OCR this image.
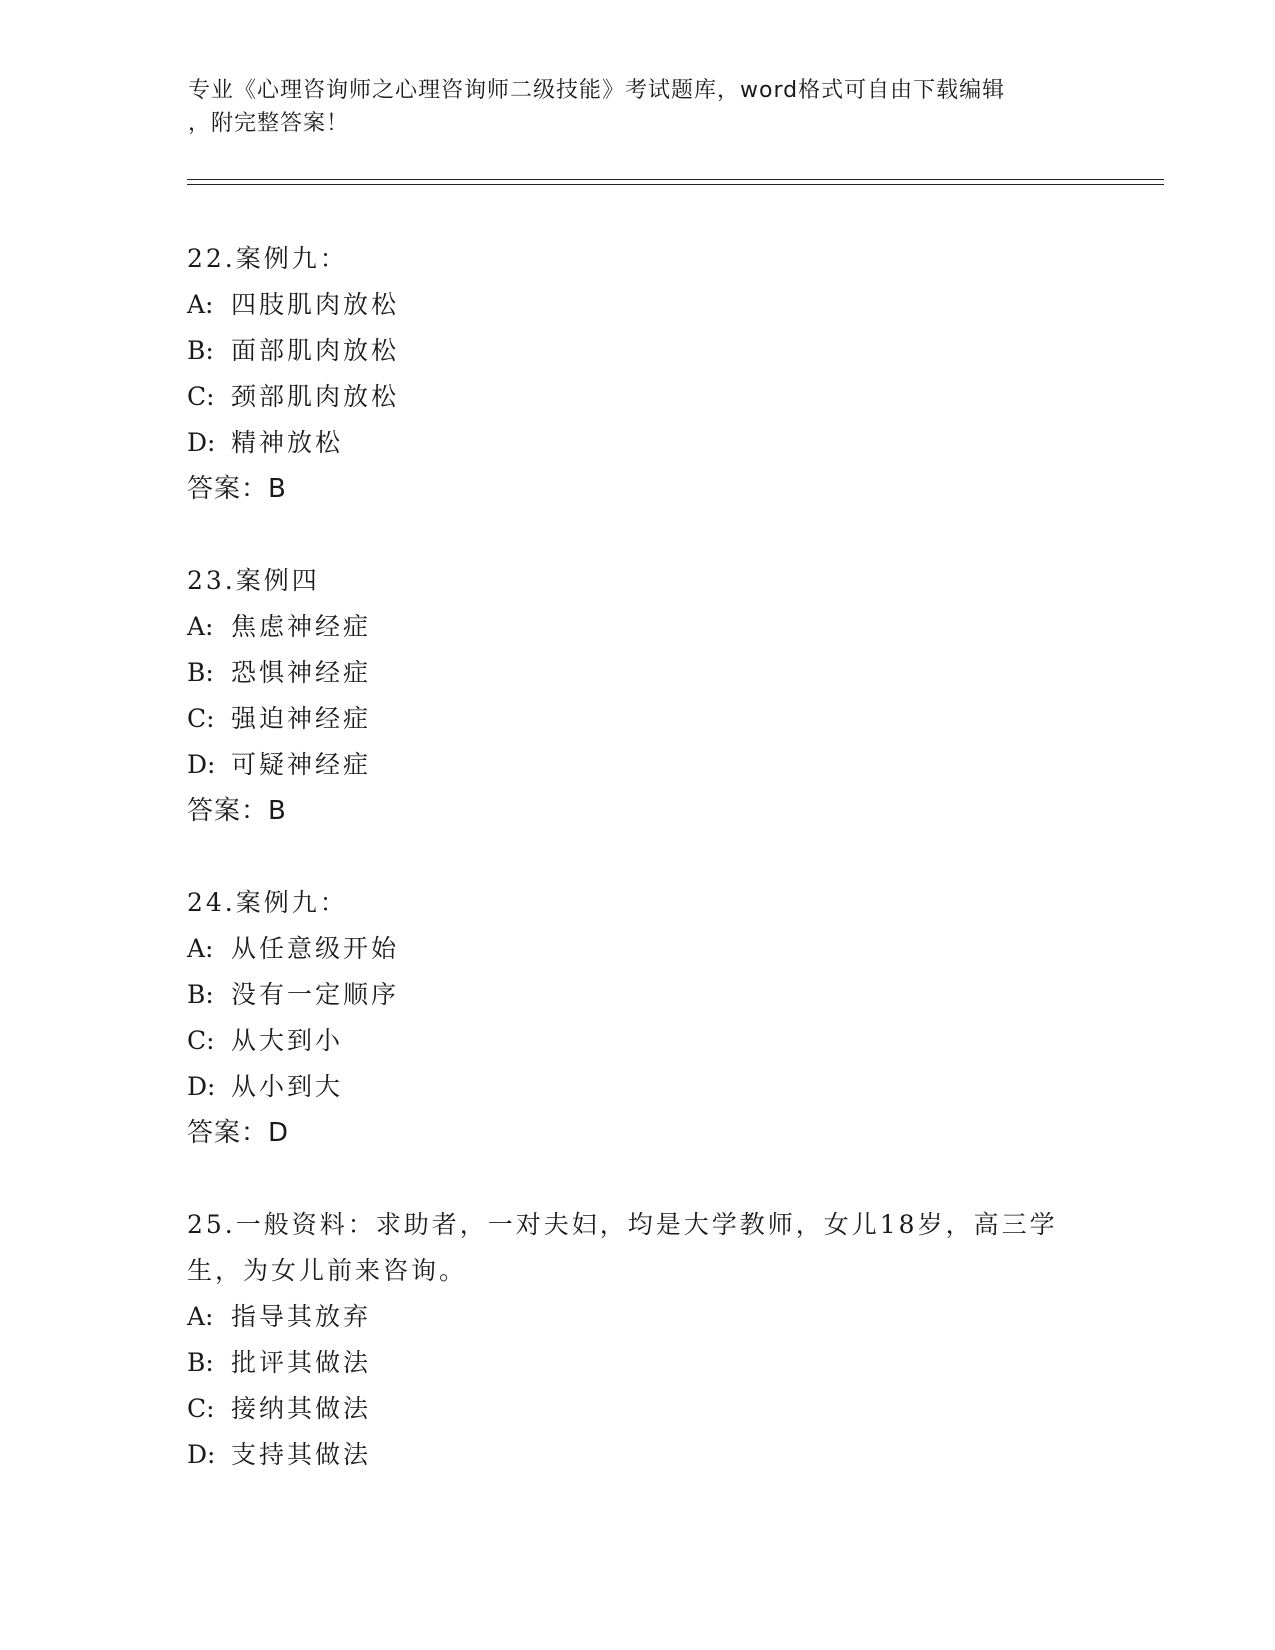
专业《心理咨询师之心理咨询师二级技能》考试题库，word格式可自由下载编辑
，附完整答案！

22.案例九：

A: 四肢肌肉放松

B: 面部肌肉放松

C: 颈部肌肉放松

D: 精神放松

答案：B

23.案例四

A: 焦虑神经症

B: 恐惧神经症

C: 强迫神经症

D: 可疑神经症

答案：B

24.案例九：

A: 从任意级开始

B: 没有一定顺序

C: 从大到小

D: 从小到大

答案：D

25.一般资料：求助者，一对夫妇，均是大学教师，女儿18岁，高三学生，为女儿前来咨询。

A: 指导其放弃

B: 批评其做法

C: 接纳其做法

D: 支持其做法
